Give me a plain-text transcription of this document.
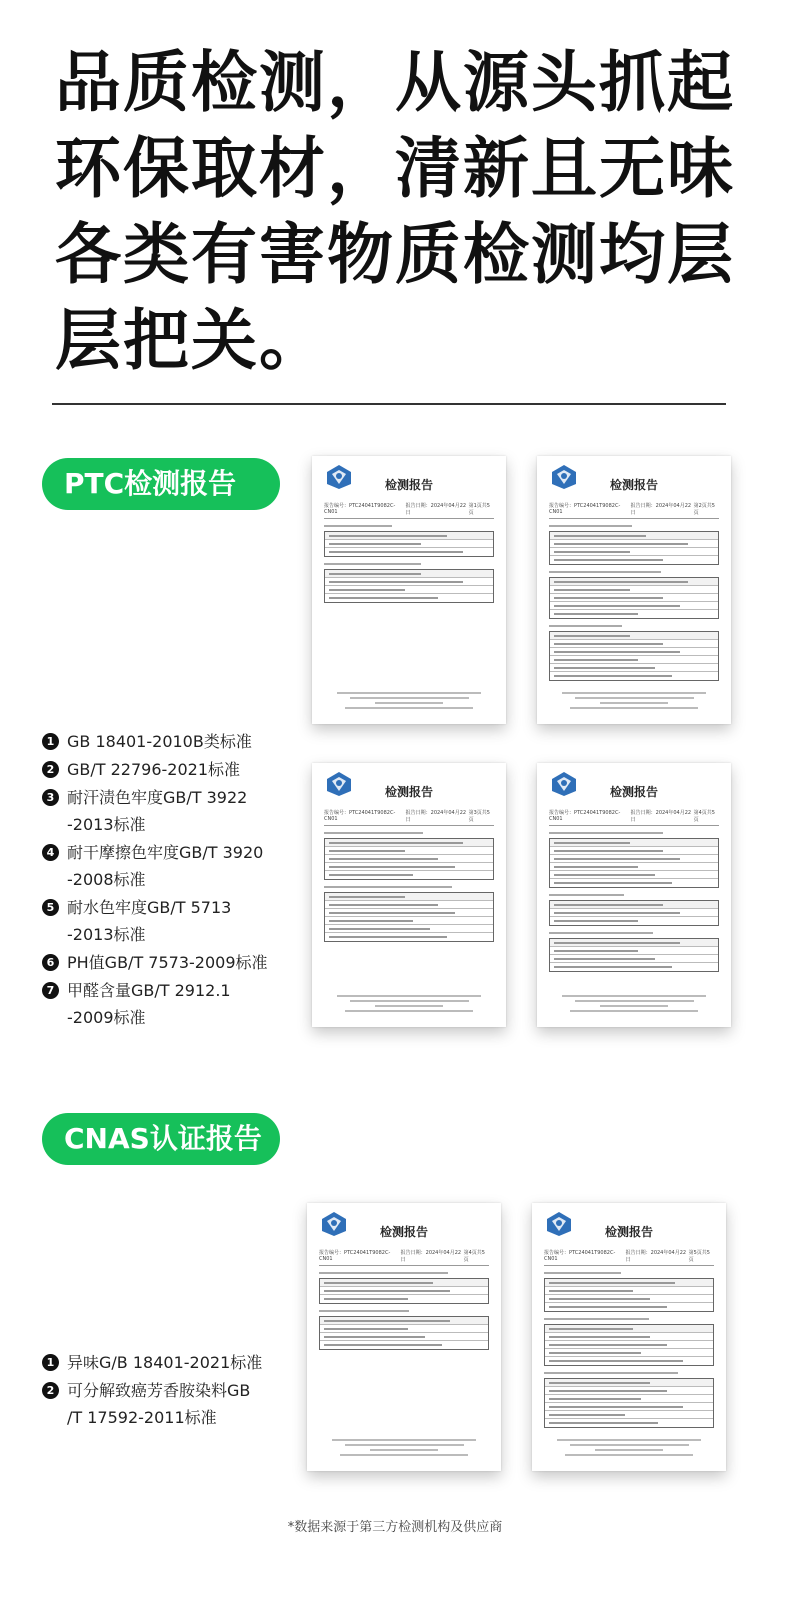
品质检测，从源头抓起
环保取材，清新且无味
各类有害物质检测均层
层把关。
PTC检测报告
1 GB 18401-2010B类标准
2 GB/T 22796-2021标准
3 耐汗渍色牢度GB/T 3922
-2013标准
4 耐干摩擦色牢度GB/T 3920
-2008标准
5 耐水色牢度GB/T 5713
-2013标准
6 PH值GB/T 7573-2009标准
7 甲醛含量GB/T 2912.1
-2009标准
检测报告
报告编号：PTC24041T9082C-CN01
报告日期：2024年04月22日
第1页共5页
检测报告
报告编号：PTC24041T9082C-CN01
报告日期：2024年04月22日
第2页共5页
检测报告
报告编号：PTC24041T9082C-CN01
报告日期：2024年04月22日
第3页共5页
检测报告
报告编号：PTC24041T9082C-CN01
报告日期：2024年04月22日
第4页共5页
CNAS认证报告
1 异味G/B 18401-2021标准
2 可分解致癌芳香胺染料GB
/T 17592-2011标准
检测报告
报告编号：PTC24041T9082C-CN01
报告日期：2024年04月22日
第4页共5页
检测报告
报告编号：PTC24041T9082C-CN01
报告日期：2024年04月22日
第5页共5页
*数据来源于第三方检测机构及供应商
